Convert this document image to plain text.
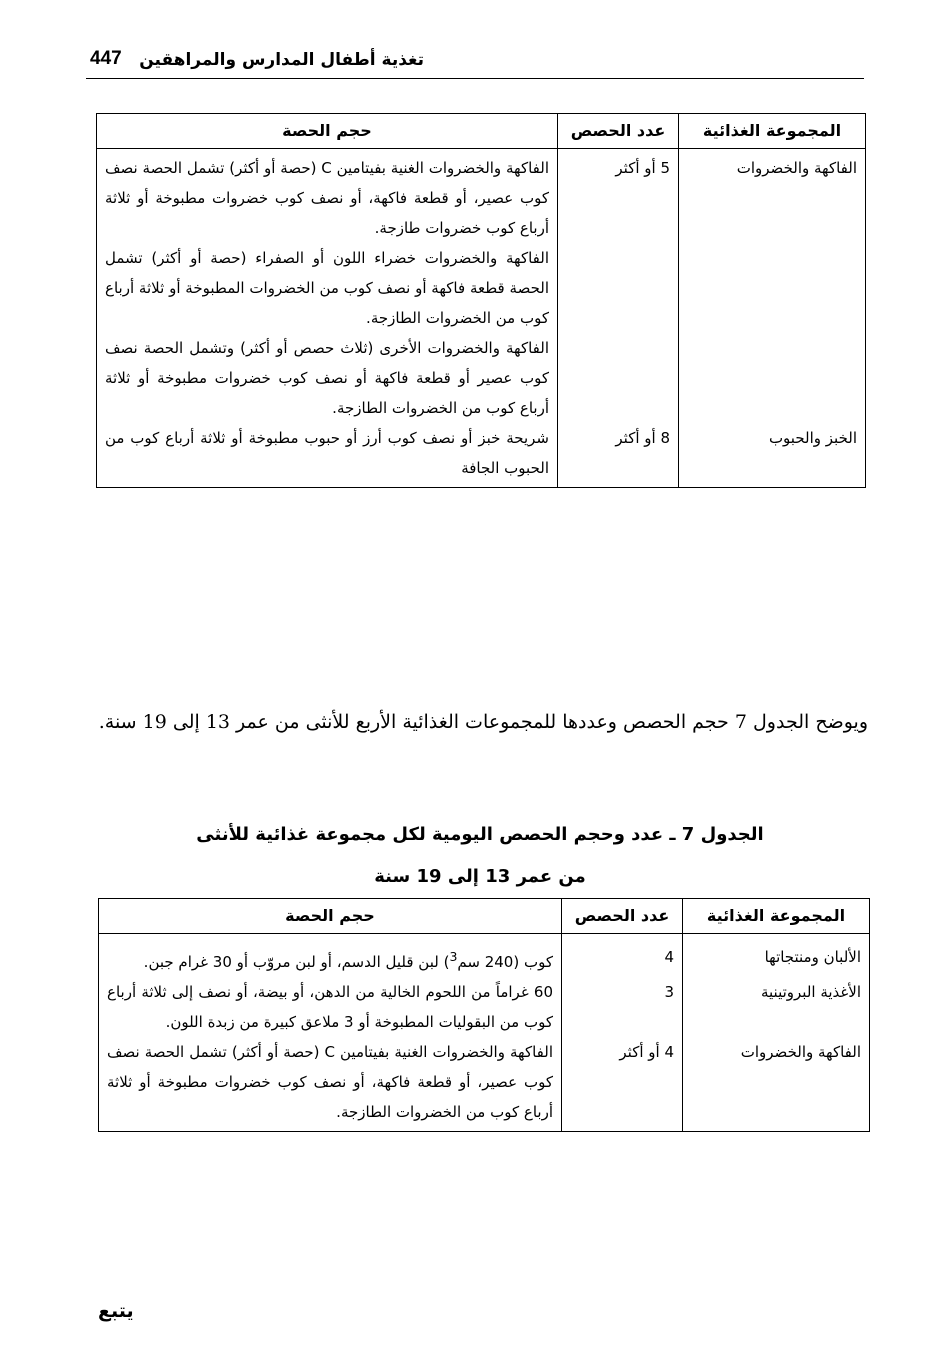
تغذية أطفال المدارس والمراهقين
447
المجموعة الغذائية	عدد الحصص	حجم الحصة
الفاكهة والخضروات	5 أو أكثر	الفاكهة والخضروات الغنية بفيتامين C (حصة أو أكثر) تشمل الحصة نصف كوب عصير، أو قطعة فاكهة، أو نصف كوب خضروات مطبوخة أو ثلاثة أرباع كوب خضروات طازجة.
الفاكهة والخضروات خضراء اللون أو الصفراء (حصة أو أكثر) تشمل الحصة قطعة فاكهة أو نصف كوب من الخضروات المطبوخة أو ثلاثة أرباع كوب من الخضروات الطازجة.
الفاكهة والخضروات الأخرى (ثلاث حصص أو أكثر) وتشمل الحصة نصف كوب عصير أو قطعة فاكهة أو نصف كوب خضروات مطبوخة أو ثلاثة أرباع كوب من الخضروات الطازجة.

الخبز والحبوب	8 أو أكثر	شريحة خبز أو نصف كوب أرز أو حبوب مطبوخة أو ثلاثة أرباع كوب من الحبوب الجافة
ويوضح الجدول 7 حجم الحصص وعددها للمجموعات الغذائية الأربع للأنثى من عمر 13 إلى 19 سنة.
الجدول 7 ـ عدد وحجم الحصص اليومية لكل مجموعة غذائية للأنثى
من عمر 13 إلى 19 سنة
المجموعة الغذائية	عدد الحصص	حجم الحصة
الألبان ومنتجاتها	4	كوب (240 سم$^3$) لبن قليل الدسم، أو لبن مروّب أو 30 غرام جبن.
الأغذية البروتينية	3	60 غراماً من اللحوم الخالية من الدهن، أو بيضة، أو نصف إلى ثلاثة أرباع كوب من البقوليات المطبوخة أو 3 ملاعق كبيرة من زبدة اللون.
الفاكهة والخضروات	4 أو أكثر	الفاكهة والخضروات الغنية بفيتامين C (حصة أو أكثر) تشمل الحصة نصف كوب عصير، أو قطعة فاكهة، أو نصف كوب خضروات مطبوخة أو ثلاثة أرباع كوب من الخضروات الطازجة.
يتبع
